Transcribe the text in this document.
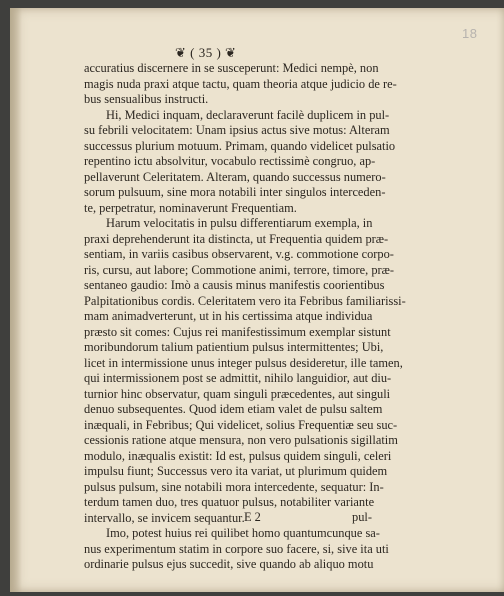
18
❦ ( 35 ) ❦
accuratius discernere in se susceperunt: Medici nempè, non
magis nuda praxi atque tactu, quam theoria atque judicio de re-
bus sensualibus instructi.
Hi, Medici inquam, declaraverunt facilè duplicem in pul-
su febrili velocitatem: Unam ipsius actus sive motus: Alteram
successus plurium motuum. Primam, quando videlicet pulsatio
repentino ictu absolvitur, vocabulo rectissimè congruo, ap-
pellaverunt Celeritatem. Alteram, quando successus numero-
sorum pulsuum, sine mora notabili inter singulos interceden-
te, perpetratur, nominaverunt Frequentiam.
Harum velocitatis in pulsu differentiarum exempla, in
praxi deprehenderunt ita distincta, ut Frequentia quidem præ-
sentiam, in variis casibus observarent, v.g. commotione corpo-
ris, cursu, aut labore; Commotione animi, terrore, timore, præ-
sentaneo gaudio: Imò a causis minus manifestis coorientibus
Palpitationibus cordis. Celeritatem vero ita Febribus familiarissi-
mam animadverterunt, ut in his certissima atque individua
præsto sit comes: Cujus rei manifestissimum exemplar sistunt
moribundorum talium patientium pulsus intermittentes; Ubi,
licet in intermissione unus integer pulsus desideretur, ille tamen,
qui intermissionem post se admittit, nihilo languidior, aut diu-
turnior hinc observatur, quam singuli præcedentes, aut singuli
denuo subsequentes. Quod idem etiam valet de pulsu saltem
inæquali, in Febribus; Qui videlicet, solius Frequentiæ seu suc-
cessionis ratione atque mensura, non vero pulsationis sigillatim
modulo, inæqualis existit: Id est, pulsus quidem singuli, celeri
impulsu fiunt; Successus vero ita variat, ut plurimum quidem
pulsus pulsum, sine notabili mora intercedente, sequatur: In-
terdum tamen duo, tres quatuor pulsus, notabiliter variante
intervallo, se invicem sequantur.
Imo, potest huius rei quilibet homo quantumcunque sa-
nus experimentum statim in corpore suo facere, si, sive ita uti
ordinarie pulsus ejus succedit, sive quando ab aliquo motu
E 2	pul-
